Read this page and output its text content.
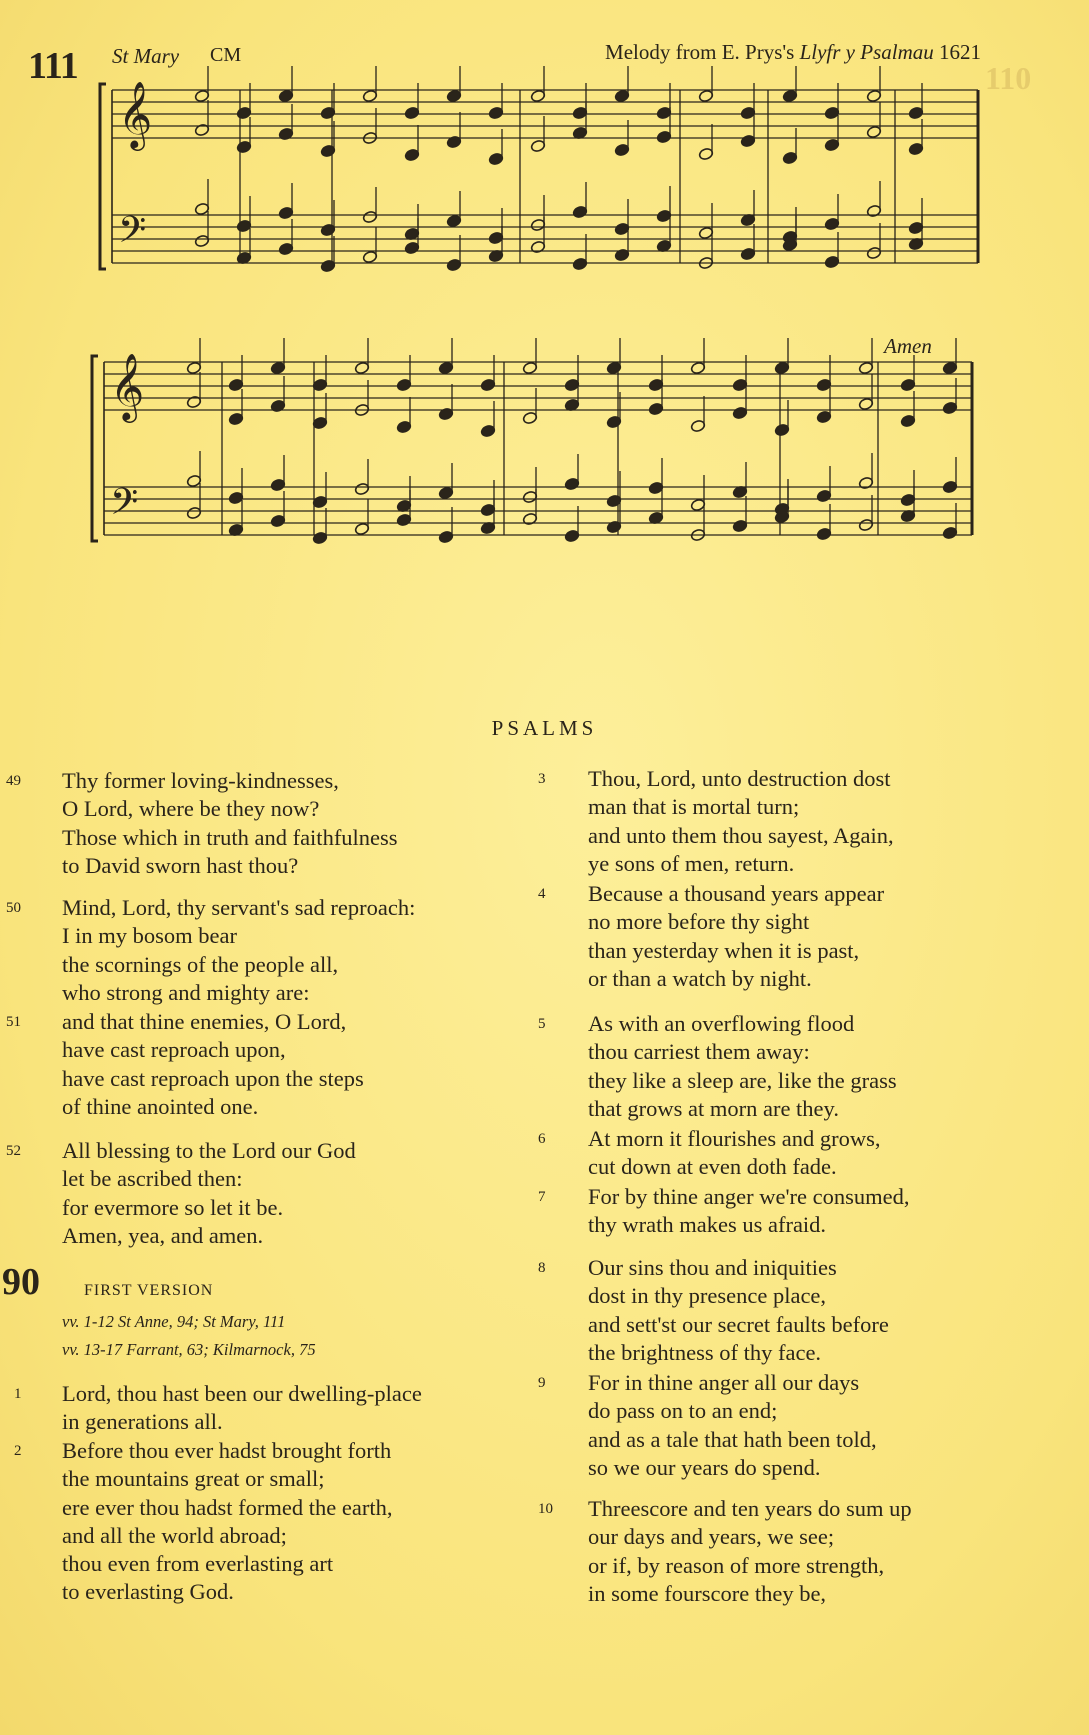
110
111 St Mary CM	Melody from E. Prys's Llyfr y Psalmau 1621
Amen
𝄞
𝄢
𝄞
𝄢
PSALMS
49	Thy former loving-kindnesses,
O Lord, where be they now?
Those which in truth and faithfulness
to David sworn hast thou?
50	Mind, Lord, thy servant's sad reproach:
I in my bosom bear
the scornings of the people all,
who strong and mighty are:
51	and that thine enemies, O Lord,
have cast reproach upon,
have cast reproach upon the steps
of thine anointed one.
52	All blessing to the Lord our God
let be ascribed then:
for evermore so let it be.
Amen, yea, and amen.
90	FIRST VERSION
vv. 1-12 St Anne, 94; St Mary, 111
vv. 13-17 Farrant, 63; Kilmarnock, 75
1	Lord, thou hast been our dwelling-place
in generations all.
2	Before thou ever hadst brought forth
the mountains great or small;
ere ever thou hadst formed the earth,
and all the world abroad;
thou even from everlasting art
to everlasting God.
3	Thou, Lord, unto destruction dost
man that is mortal turn;
and unto them thou sayest, Again,
ye sons of men, return.
4	Because a thousand years appear
no more before thy sight
than yesterday when it is past,
or than a watch by night.
5	As with an overflowing flood
thou carriest them away:
they like a sleep are, like the grass
that grows at morn are they.
6	At morn it flourishes and grows,
cut down at even doth fade.
7	For by thine anger we're consumed,
thy wrath makes us afraid.
8	Our sins thou and iniquities
dost in thy presence place,
and sett'st our secret faults before
the brightness of thy face.
9	For in thine anger all our days
do pass on to an end;
and as a tale that hath been told,
so we our years do spend.
10	Threescore and ten years do sum up
our days and years, we see;
or if, by reason of more strength,
in some fourscore they be,
